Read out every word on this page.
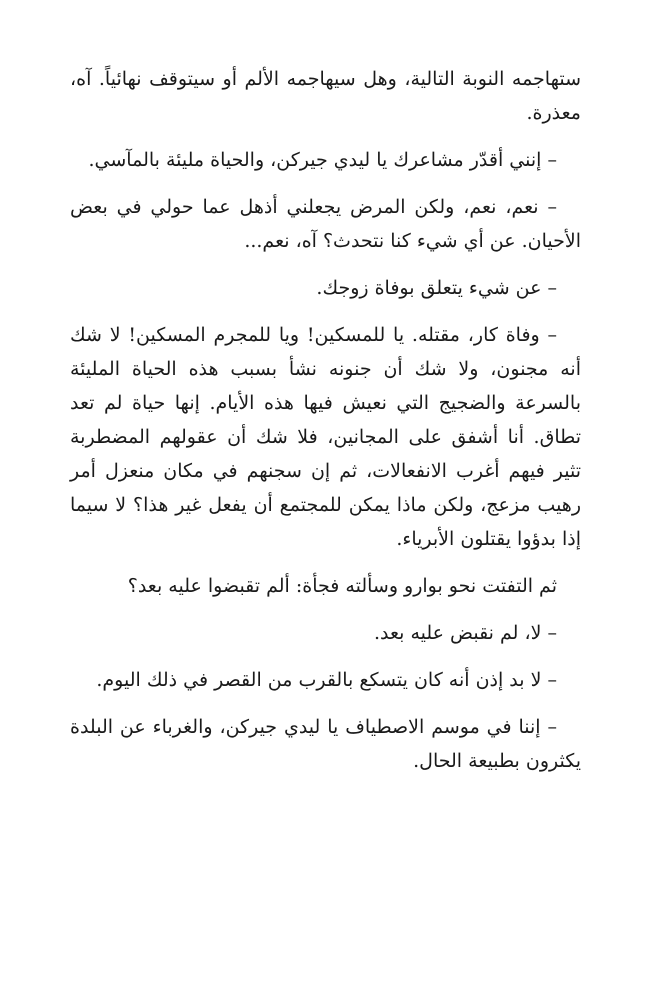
ستهاجمه النوبة التالية، وهل سيهاجمه الألم أو سيتوقف نهائياً. آه، معذرة.

– إنني أقدّر مشاعرك يا ليدي جيركن، والحياة مليئة بالمآسي.

– نعم، نعم، ولكن المرض يجعلني أذهل عما حولي في بعض الأحيان. عن أي شيء كنا نتحدث؟ آه، نعم...

– عن شيء يتعلق بوفاة زوجك.

– وفاة كار، مقتله. يا للمسكين! ويا للمجرم المسكين! لا شك أنه مجنون، ولا شك أن جنونه نشأ بسبب هذه الحياة المليئة بالسرعة والضجيج التي نعيش فيها هذه الأيام. إنها حياة لم تعد تطاق. أنا أشفق على المجانين، فلا شك أن عقولهم المضطربة تثير فيهم أغرب الانفعالات، ثم إن سجنهم في مكان منعزل أمر رهيب مزعج، ولكن ماذا يمكن للمجتمع أن يفعل غير هذا؟ لا سيما إذا بدؤوا يقتلون الأبرياء.

ثم التفتت نحو بوارو وسألته فجأة: ألم تقبضوا عليه بعد؟

– لا، لم نقبض عليه بعد.

– لا بد إذن أنه كان يتسكع بالقرب من القصر في ذلك اليوم.

– إننا في موسم الاصطياف يا ليدي جيركن، والغرباء عن البلدة يكثرون بطبيعة الحال.
